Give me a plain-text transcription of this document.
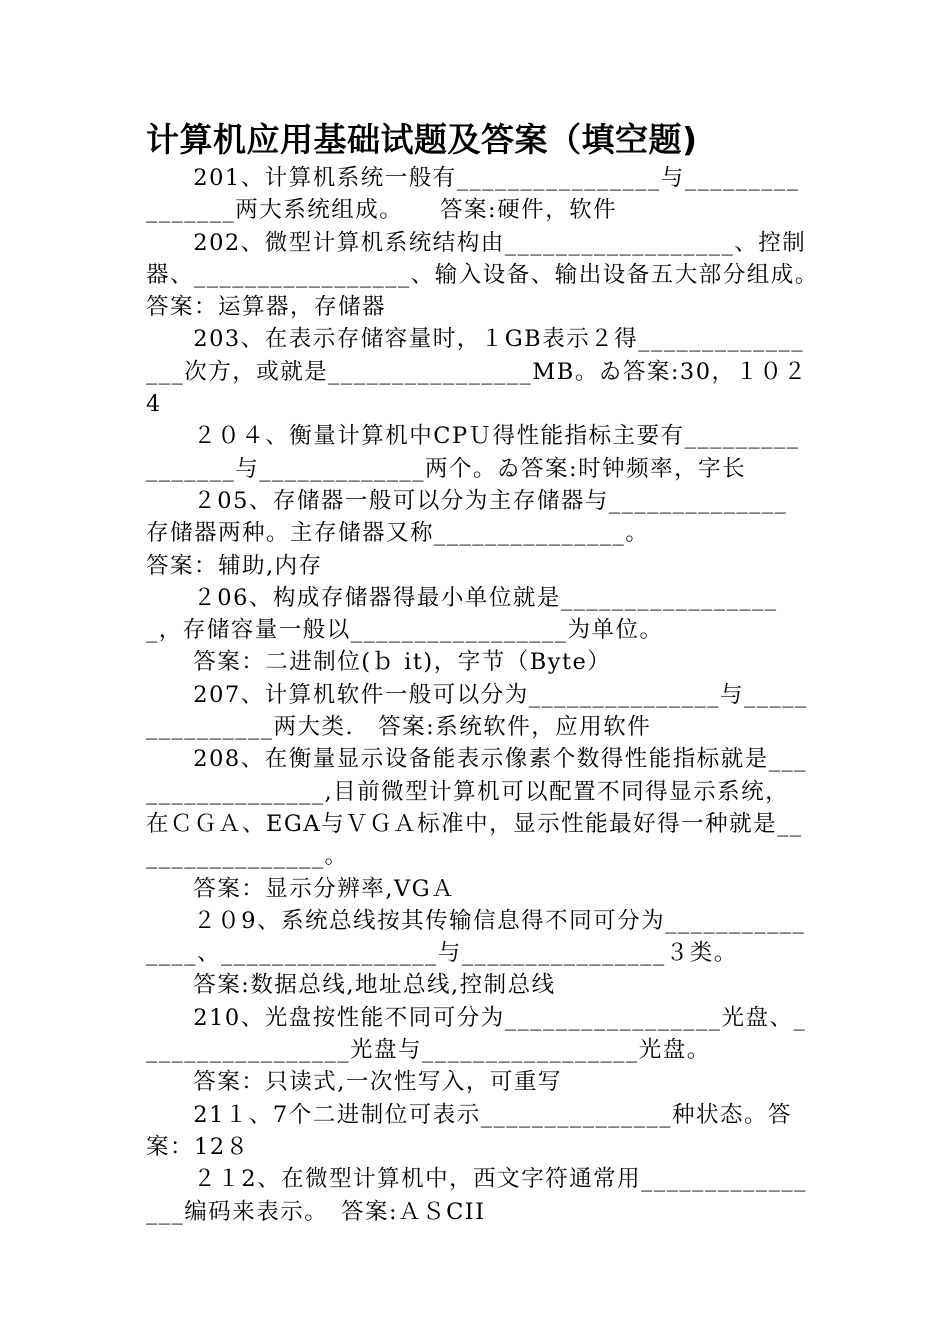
计算机应用基础试题及答案（填空题)

201、计算机系统一般有________________与________________两大系统组成。　　答案:硬件，软件

202、微型计算机系统结构由__________________、控制器、_________________、输入设备、输出设备五大部分组成。　　答案：运算器，存储器

203、在表示存储容量时，１GB表示２得________________次方，或就是________________MB。ゐ答案:30，１０２4

２０４、衡量计算机中CPＵ得性能指标主要有________________与_____________两个。ゐ答案:时钟频率，字长

２05、存储器一般可以分为主存储器与______________存储器两种。主存储器又称_______________。

答案：辅助,内存

２06、构成存储器得最小单位就是__________________，存储容量一般以_________________为单位。

答案：二进制位(ｂ it)，字节（Byte）

207、计算机软件一般可以分为_______________与_______________两大类.　答案:系统软件，应用软件

208、在衡量显示设备能表示像素个数得性能指标就是_________________,目前微型计算机可以配置不同得显示系统，在ＣＧＡ、EGA与ＶＧＡ标准中，显示性能最好得一种就是________________。

答案：显示分辨率,VGＡ

２０9、系统总线按其传输信息得不同可分为_______________、_________________与________________３类。

答案:数据总线,地址总线,控制总线

210、光盘按性能不同可分为_________________光盘、_________________光盘与_________________光盘。

答案：只读式,一次性写入，可重写

21１、7个二进制位可表示_______________种状态。答案：12８

２１2、在微型计算机中，西文字符通常用________________编码来表示。　答案:ＡＳCII
